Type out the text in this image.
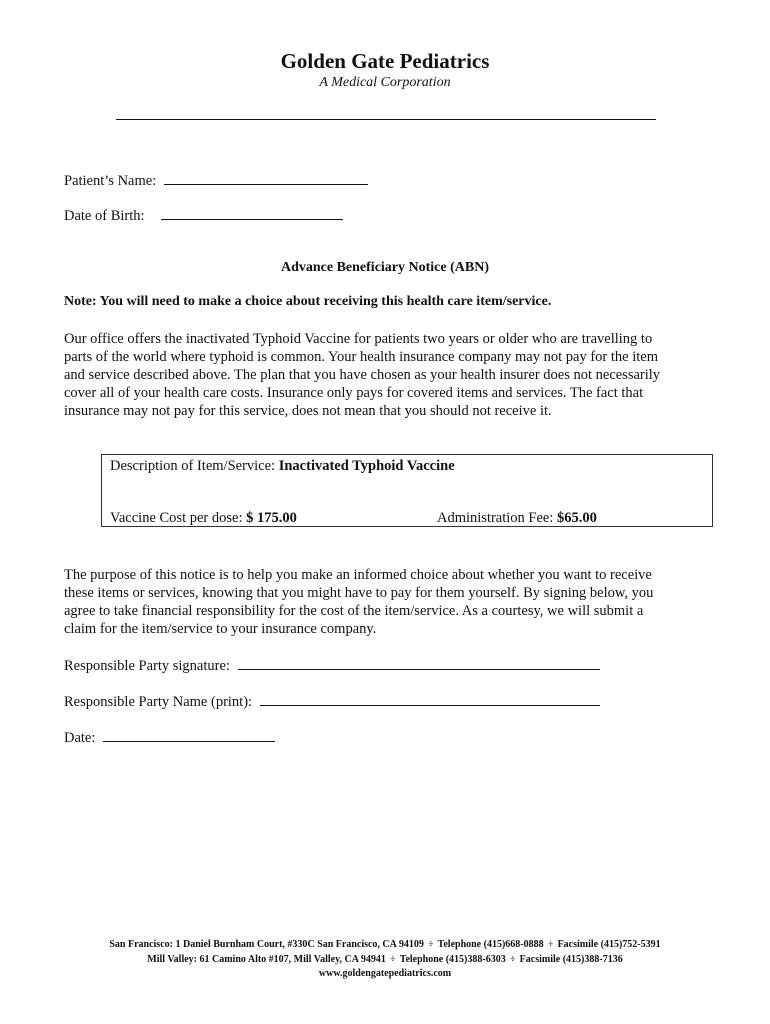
Golden Gate Pediatrics
A Medical Corporation
Patient’s Name:
Date of Birth:
Advance Beneficiary Notice (ABN)
Note: You will need to make a choice about receiving this health care item/service.
Our office offers the inactivated Typhoid Vaccine for patients two years or older who are travelling to
parts of the world where typhoid is common. Your health insurance company may not pay for the item
and service described above. The plan that you have chosen as your health insurer does not necessarily
cover all of your health care costs. Insurance only pays for covered items and services. The fact that
insurance may not pay for this service, does not mean that you should not receive it.
Description of Item/Service: Inactivated Typhoid Vaccine
Vaccine Cost per dose: $ 175.00	Administration Fee: $65.00
The purpose of this notice is to help you make an informed choice about whether you want to receive
these items or services, knowing that you might have to pay for them yourself. By signing below, you
agree to take financial responsibility for the cost of the item/service. As a courtesy, we will submit a
claim for the item/service to your insurance company.
Responsible Party signature:
Responsible Party Name (print):
Date:
San Francisco: 1 Daniel Burnham Court, #330C San Francisco, CA 94109 ÷ Telephone (415)668-0888 ÷ Facsimile (415)752-5391
Mill Valley: 61 Camino Alto #107, Mill Valley, CA 94941 ÷ Telephone (415)388-6303 ÷ Facsimile (415)388-7136
www.goldengatepediatrics.com
